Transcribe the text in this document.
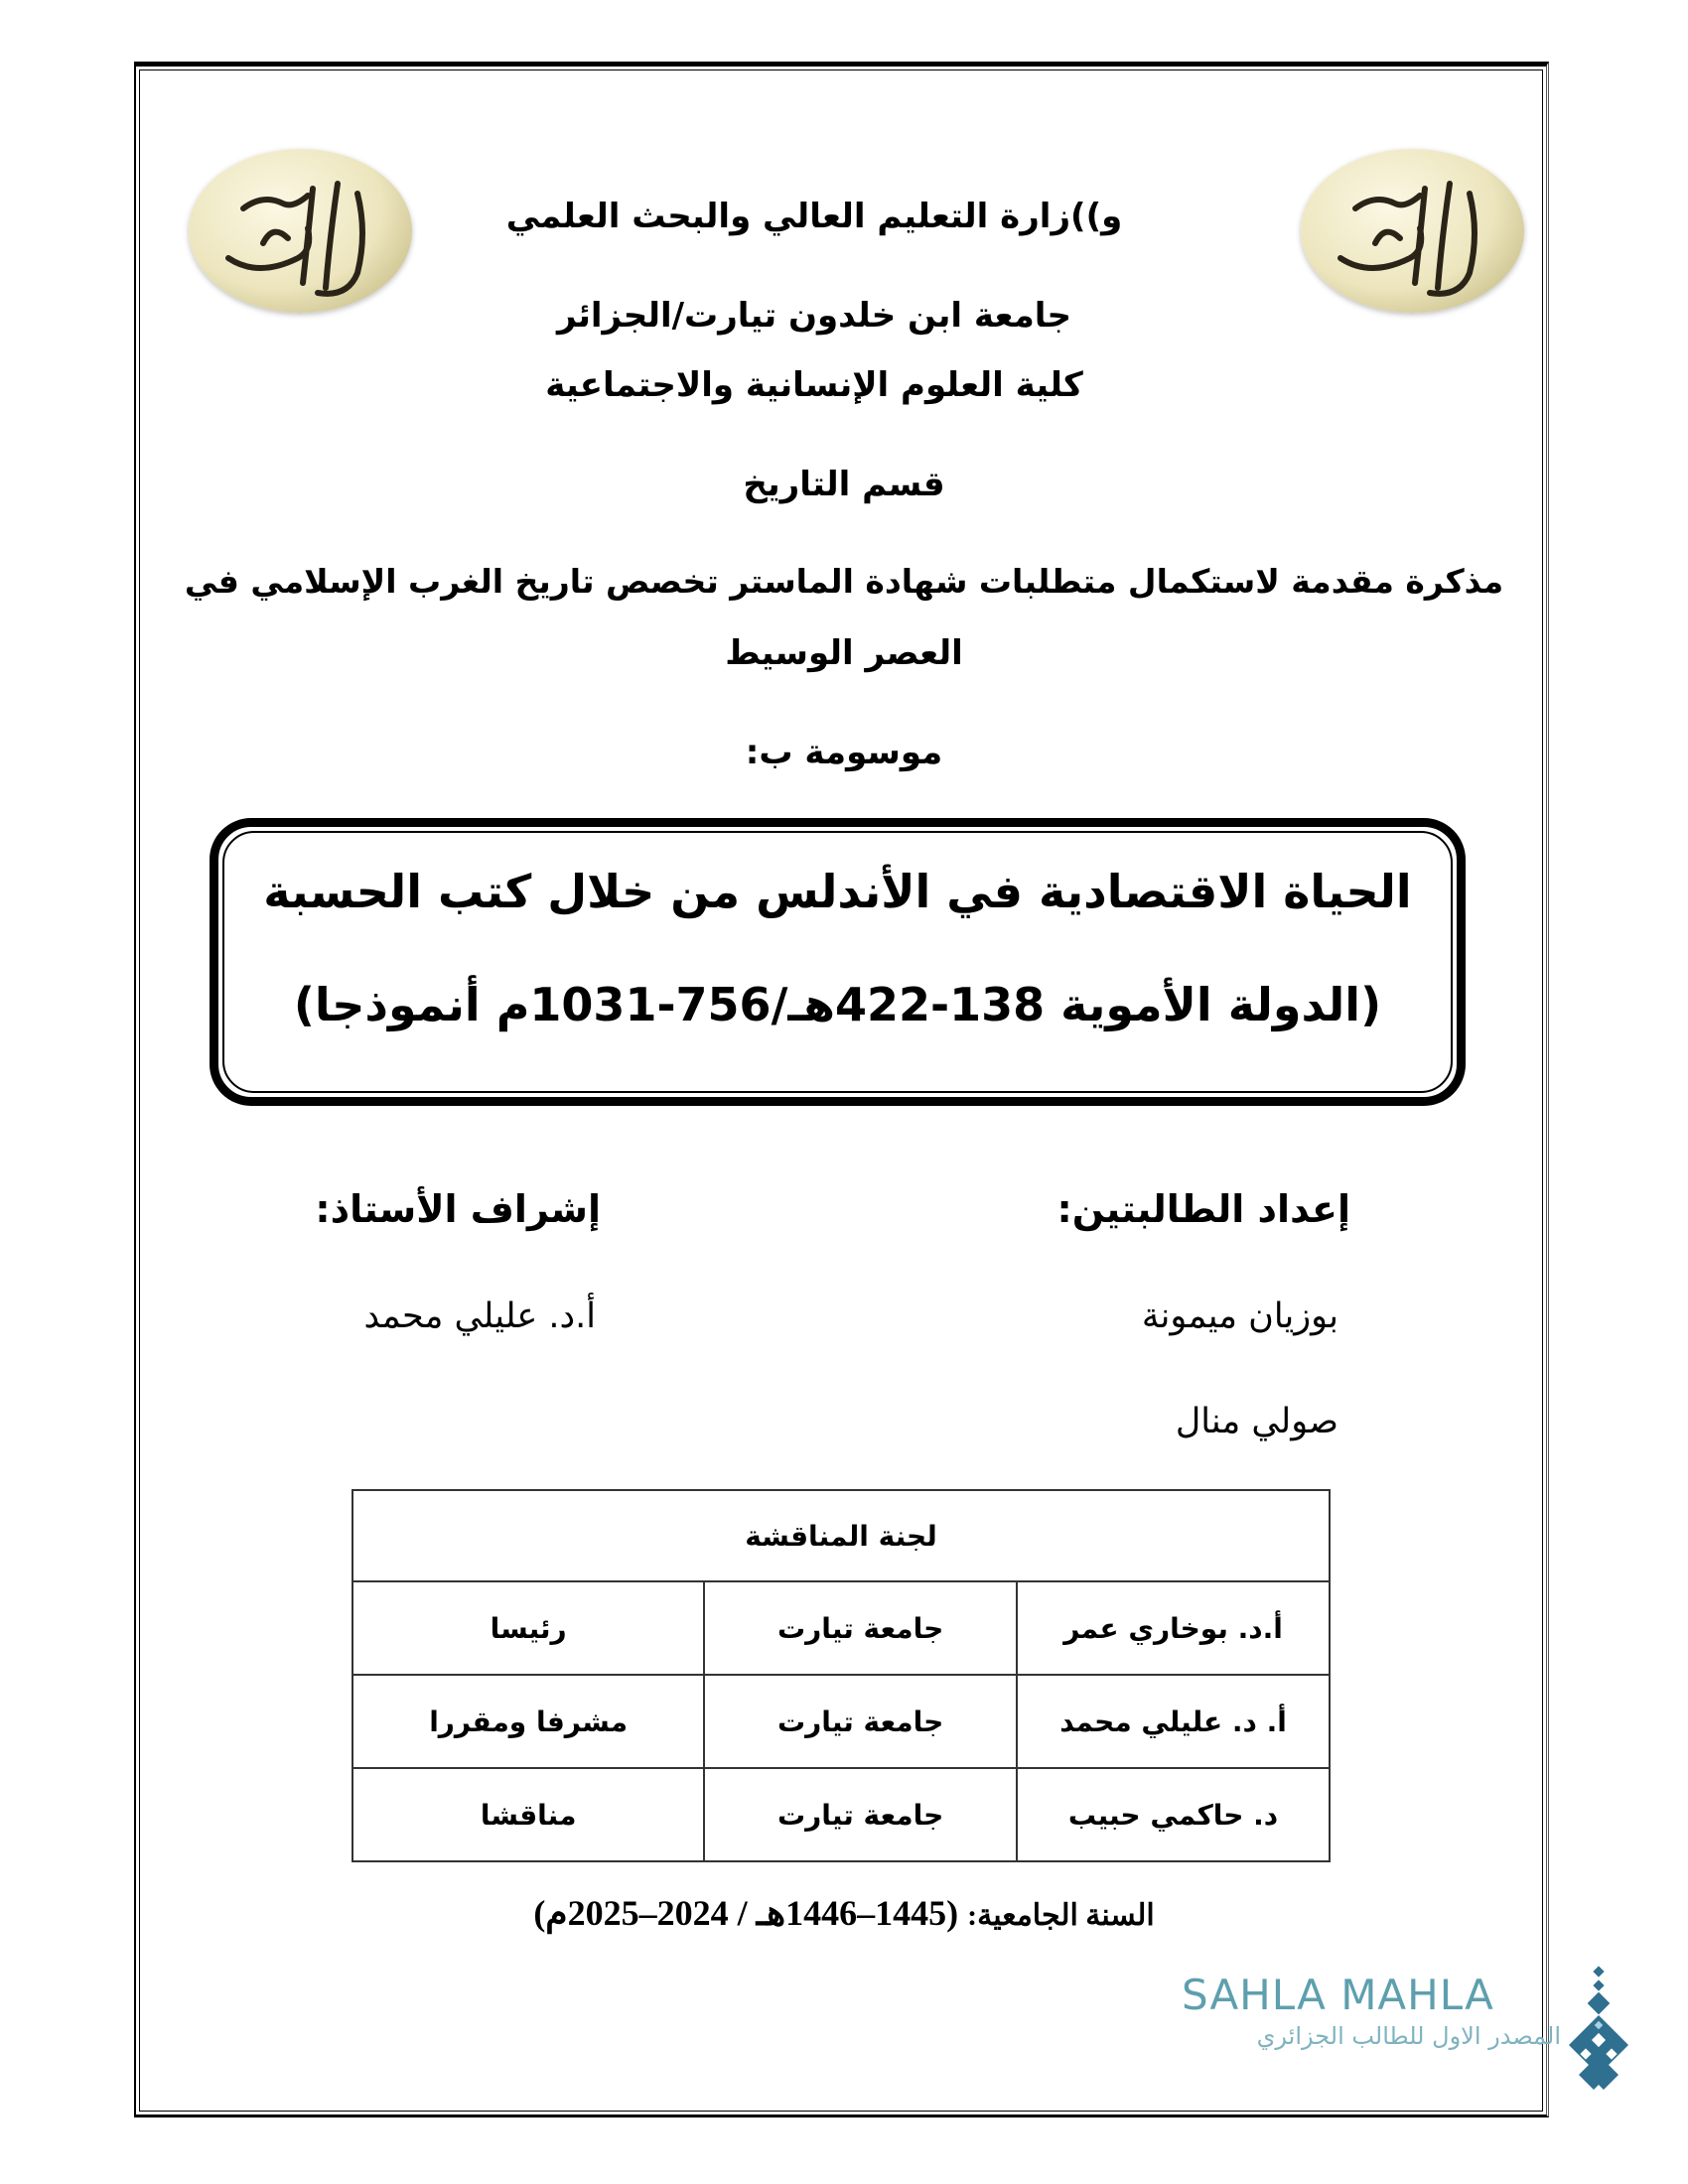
و))زارة التعليم العالي والبحث العلمي
جامعة ابن خلدون تيارت/الجزائر
كلية العلوم الإنسانية والاجتماعية
قسم التاريخ
مذكرة مقدمة لاستكمال متطلبات شهادة الماستر تخصص تاريخ الغرب الإسلامي في
العصر الوسيط
موسومة ب:
الحياة الاقتصادية في الأندلس من خلال كتب الحسبة
(الدولة الأموية 138-422هـ/756-1031م أنموذجا)
إعداد الطالبتين:
إشراف الأستاذ:
بوزيان ميمونة
أ.د. عليلي محمد
صولي منال
لجنة المناقشة		
أ.د. بوخاري عمر	جامعة تيارت	رئيسا
أ. د. عليلي محمد	جامعة تيارت	مشرفا ومقررا
د. حاكمي حبيب	جامعة تيارت	مناقشا
السنة الجامعية: (1445–1446هـ / 2024–2025م)
SAHLA MAHLA
المصدر الاول للطالب الجزائري
